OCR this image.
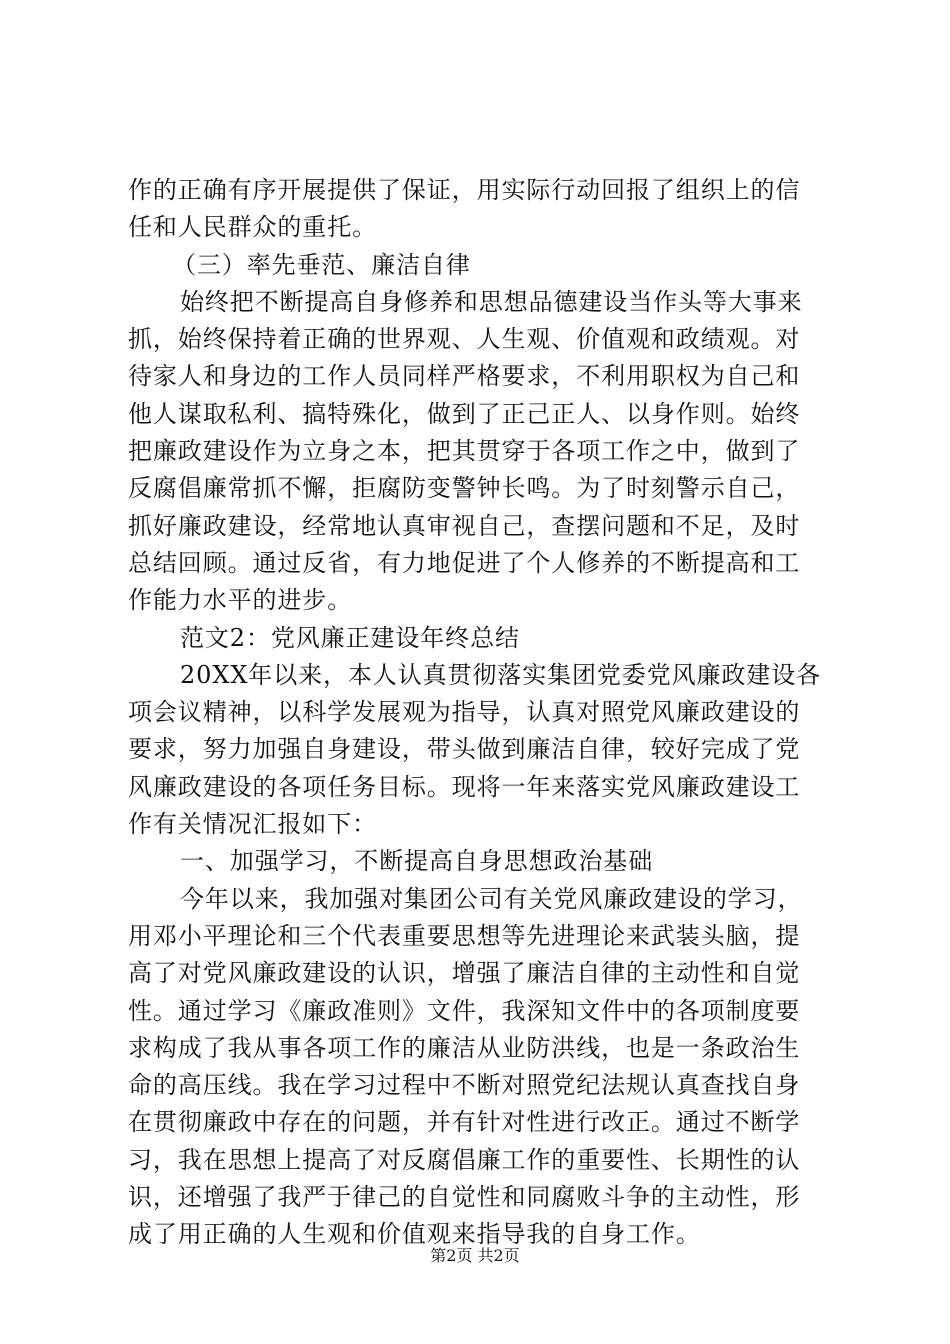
作的正确有序开展提供了保证，用实际行动回报了组织上的信
任和人民群众的重托。
（三）率先垂范、廉洁自律
始终把不断提高自身修养和思想品德建设当作头等大事来
抓，始终保持着正确的世界观、人生观、价值观和政绩观。对
待家人和身边的工作人员同样严格要求，不利用职权为自己和
他人谋取私利、搞特殊化，做到了正己正人、以身作则。始终
把廉政建设作为立身之本，把其贯穿于各项工作之中，做到了
反腐倡廉常抓不懈，拒腐防变警钟长鸣。为了时刻警示自己，
抓好廉政建设，经常地认真审视自己，查摆问题和不足，及时
总结回顾。通过反省，有力地促进了个人修养的不断提高和工
作能力水平的进步。
范文2：党风廉正建设年终总结
20XX年以来，本人认真贯彻落实集团党委党风廉政建设各
项会议精神，以科学发展观为指导，认真对照党风廉政建设的
要求，努力加强自身建设，带头做到廉洁自律，较好完成了党
风廉政建设的各项任务目标。现将一年来落实党风廉政建设工
作有关情况汇报如下：
一、加强学习，不断提高自身思想政治基础
今年以来，我加强对集团公司有关党风廉政建设的学习，
用邓小平理论和三个代表重要思想等先进理论来武装头脑，提
高了对党风廉政建设的认识，增强了廉洁自律的主动性和自觉
性。通过学习《廉政准则》文件，我深知文件中的各项制度要
求构成了我从事各项工作的廉洁从业防洪线，也是一条政治生
命的高压线。我在学习过程中不断对照党纪法规认真查找自身
在贯彻廉政中存在的问题，并有针对性进行改正。通过不断学
习，我在思想上提高了对反腐倡廉工作的重要性、长期性的认
识，还增强了我严于律己的自觉性和同腐败斗争的主动性，形
成了用正确的人生观和价值观来指导我的自身工作。
第2页 共2页
